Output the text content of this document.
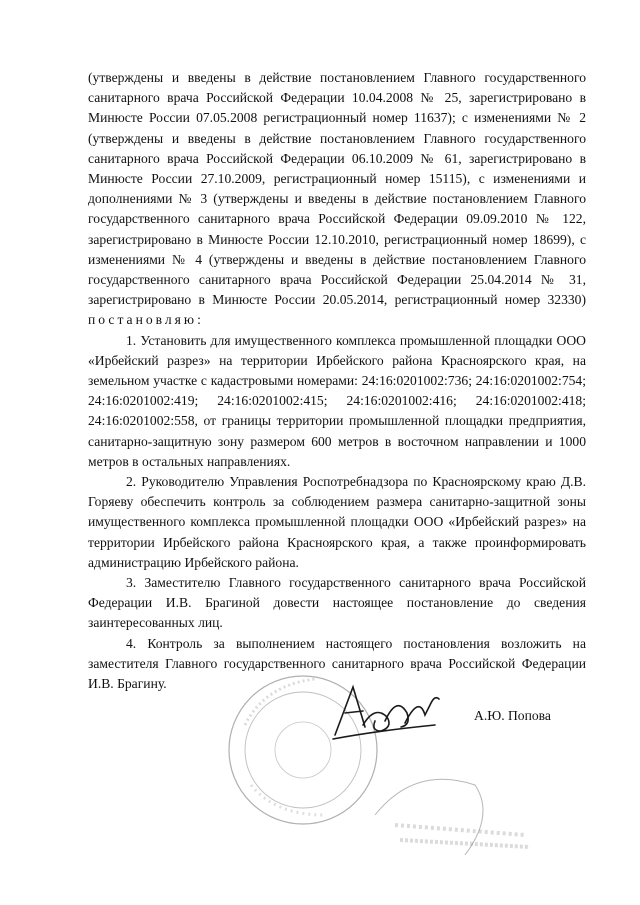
(утверждены и введены в действие постановлением Главного государственного санитарного врача Российской Федерации 10.04.2008 № 25, зарегистрировано в Минюсте России 07.05.2008 регистрационный номер 11637); с изменениями № 2 (утверждены и введены в действие постановлением Главного государственного санитарного врача Российской Федерации 06.10.2009 № 61, зарегистрировано в Минюсте России 27.10.2009, регистрационный номер 15115), с изменениями и дополнениями № 3 (утверждены и введены в действие постановлением Главного государственного санитарного врача Российской Федерации 09.09.2010 № 122, зарегистрировано в Минюсте России 12.10.2010, регистрационный номер 18699), с изменениями № 4 (утверждены и введены в действие постановлением Главного государственного санитарного врача Российской Федерации 25.04.2014 № 31, зарегистрировано в Минюсте России 20.05.2014, регистрационный номер 32330) постановляю:

1. Установить для имущественного комплекса промышленной площадки ООО «Ирбейский разрез» на территории Ирбейского района Красноярского края, на земельном участке с кадастровыми номерами: 24:16:0201002:736; 24:16:0201002:754; 24:16:0201002:419; 24:16:0201002:415; 24:16:0201002:416; 24:16:0201002:418; 24:16:0201002:558, от границы территории промышленной площадки предприятия, санитарно-защитную зону размером 600 метров в восточном направлении и 1000 метров в остальных направлениях.

2. Руководителю Управления Роспотребнадзора по Красноярскому краю Д.В. Горяеву обеспечить контроль за соблюдением размера санитарно-защитной зоны имущественного комплекса промышленной площадки ООО «Ирбейский разрез» на территории Ирбейского района Красноярского края, а также проинформировать администрацию Ирбейского района.

3. Заместителю Главного государственного санитарного врача Российской Федерации И.В. Брагиной довести настоящее постановление до сведения заинтересованных лиц.

4. Контроль за выполнением настоящего постановления возложить на заместителя Главного государственного санитарного врача Российской Федерации И.В. Брагину.

А.Ю. Попова
